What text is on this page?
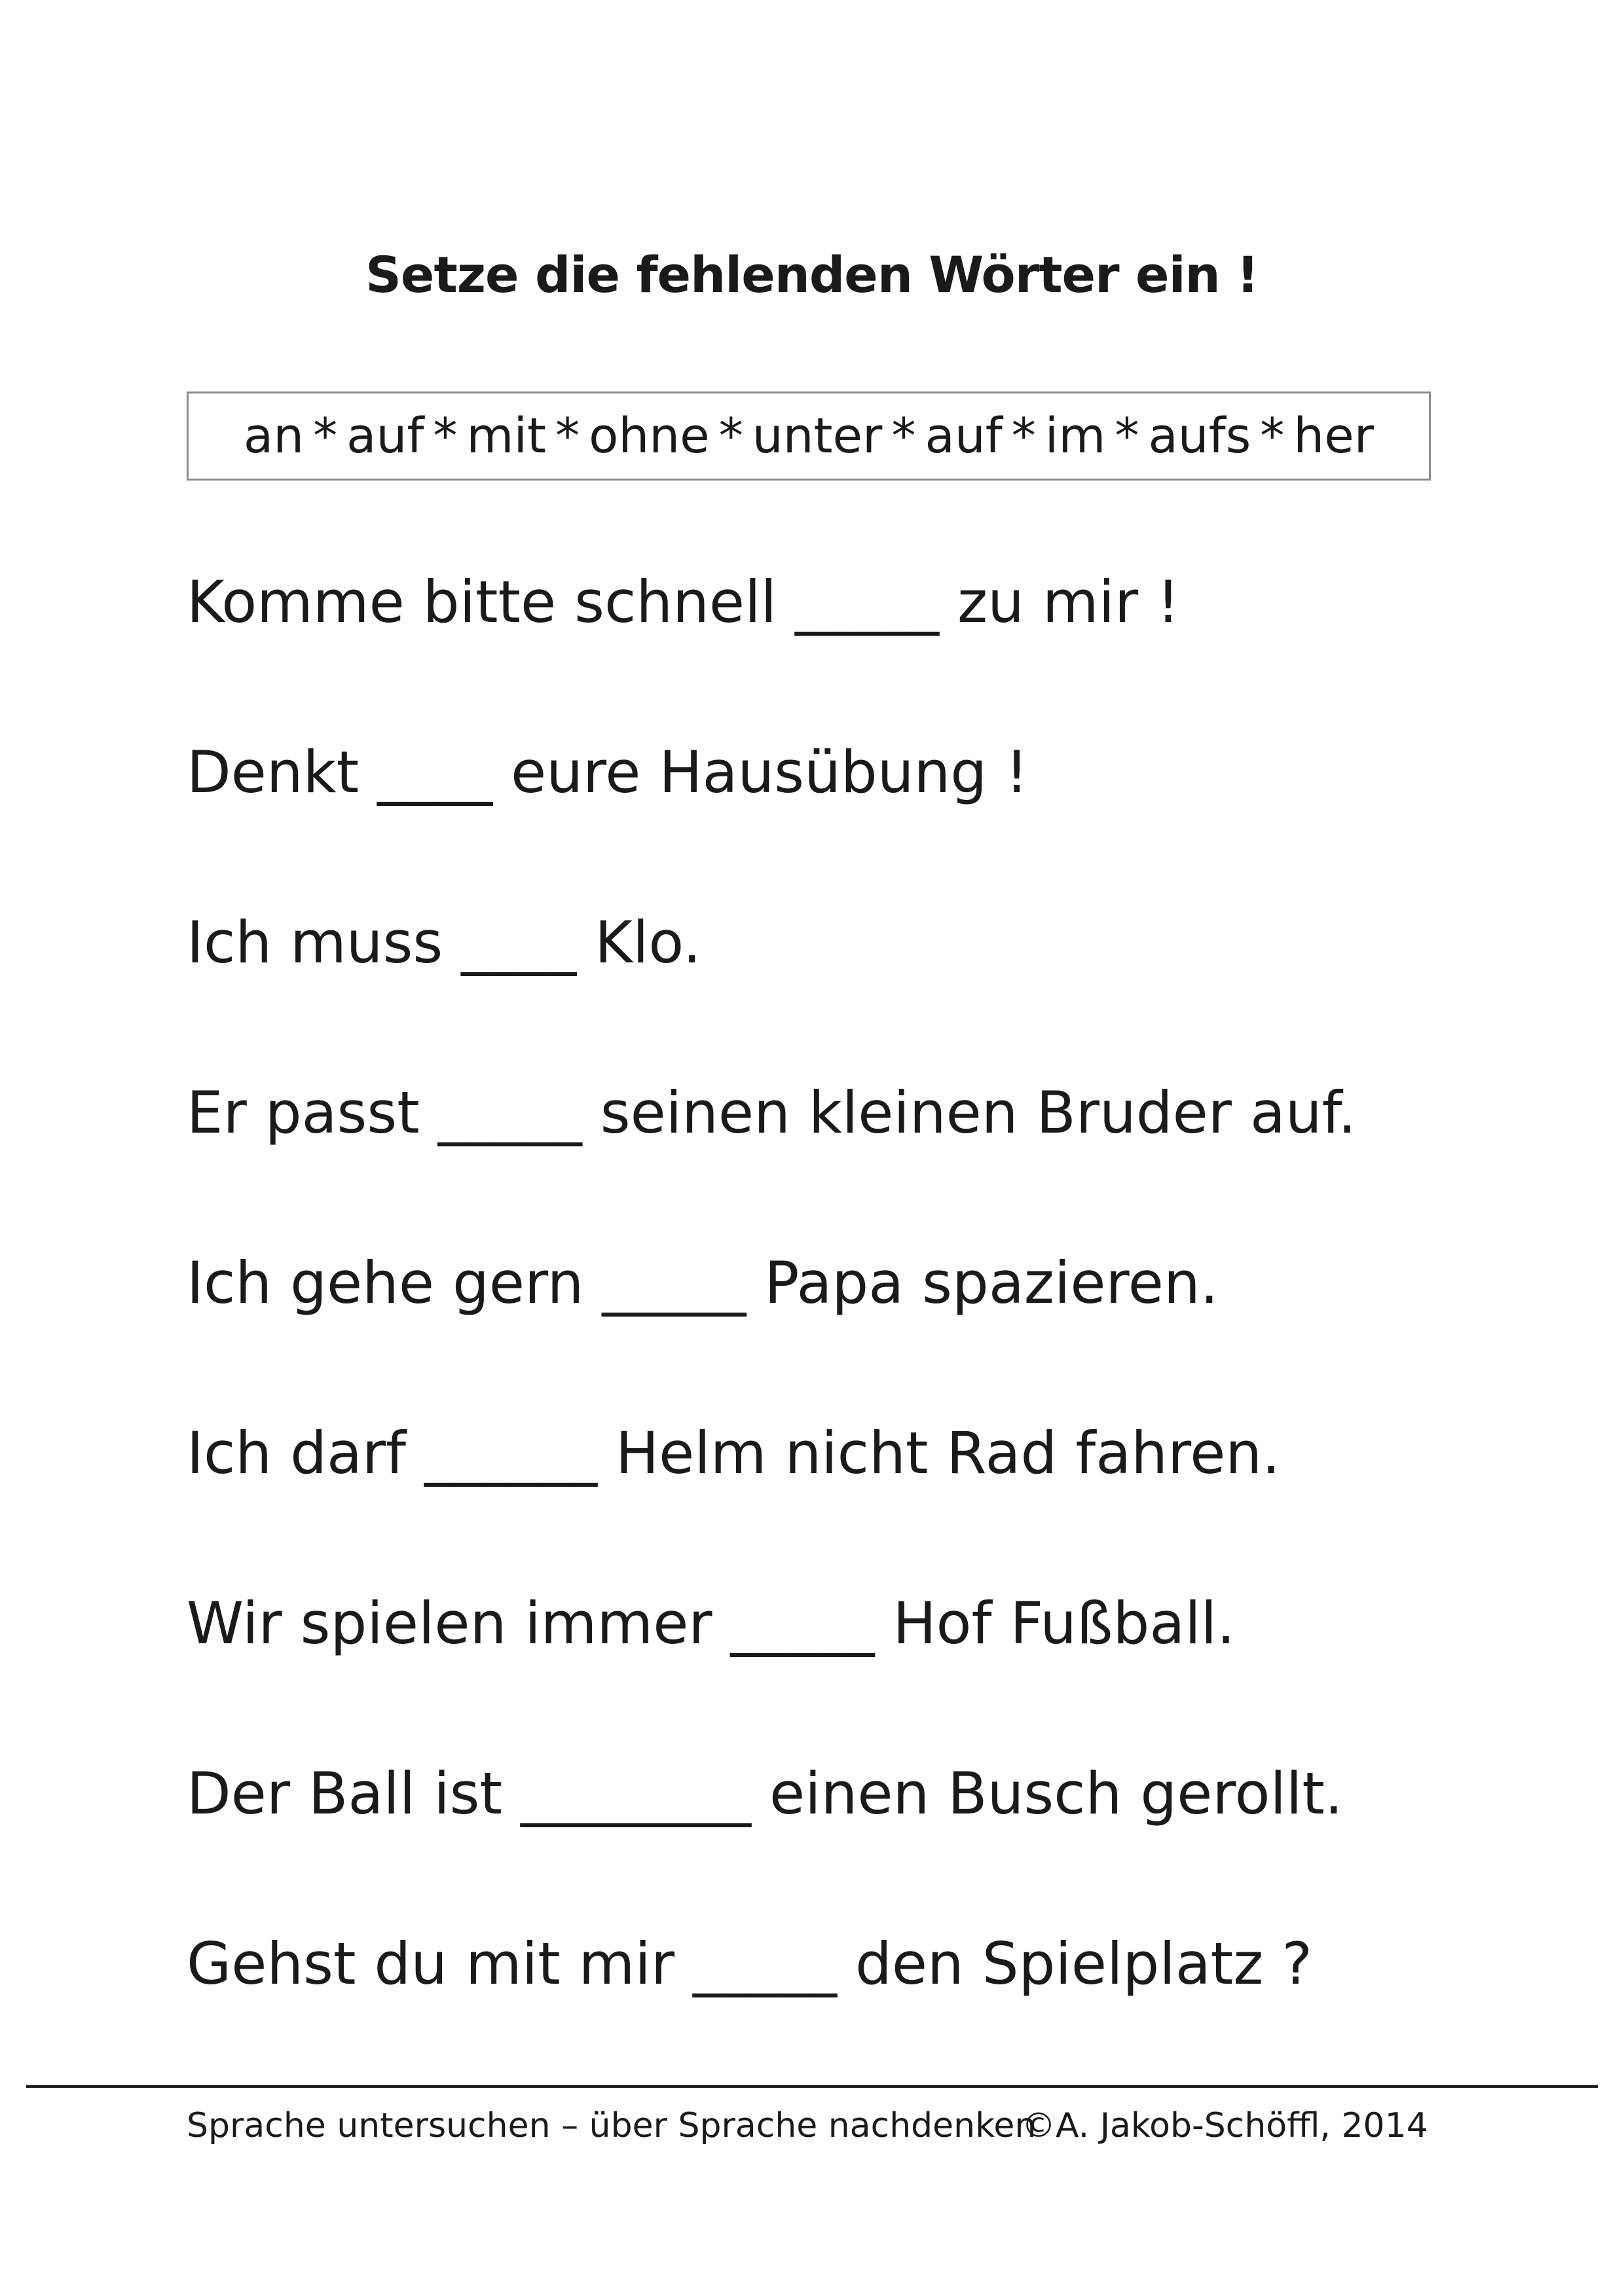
Setze die fehlenden Wörter ein !
an * auf * mit * ohne * unter * auf * im * aufs * her
Komme bitte schnell _____ zu mir !
Denkt ____ eure Hausübung !
Ich muss ____ Klo.
Er passt _____ seinen kleinen Bruder auf.
Ich gehe gern _____ Papa spazieren.
Ich darf ______ Helm nicht Rad fahren.
Wir spielen immer _____ Hof Fußball.
Der Ball ist ________ einen Busch gerollt.
Gehst du mit mir _____ den Spielplatz ?
Sprache untersuchen – über Sprache nachdenken
©A. Jakob-Schöffl, 2014
